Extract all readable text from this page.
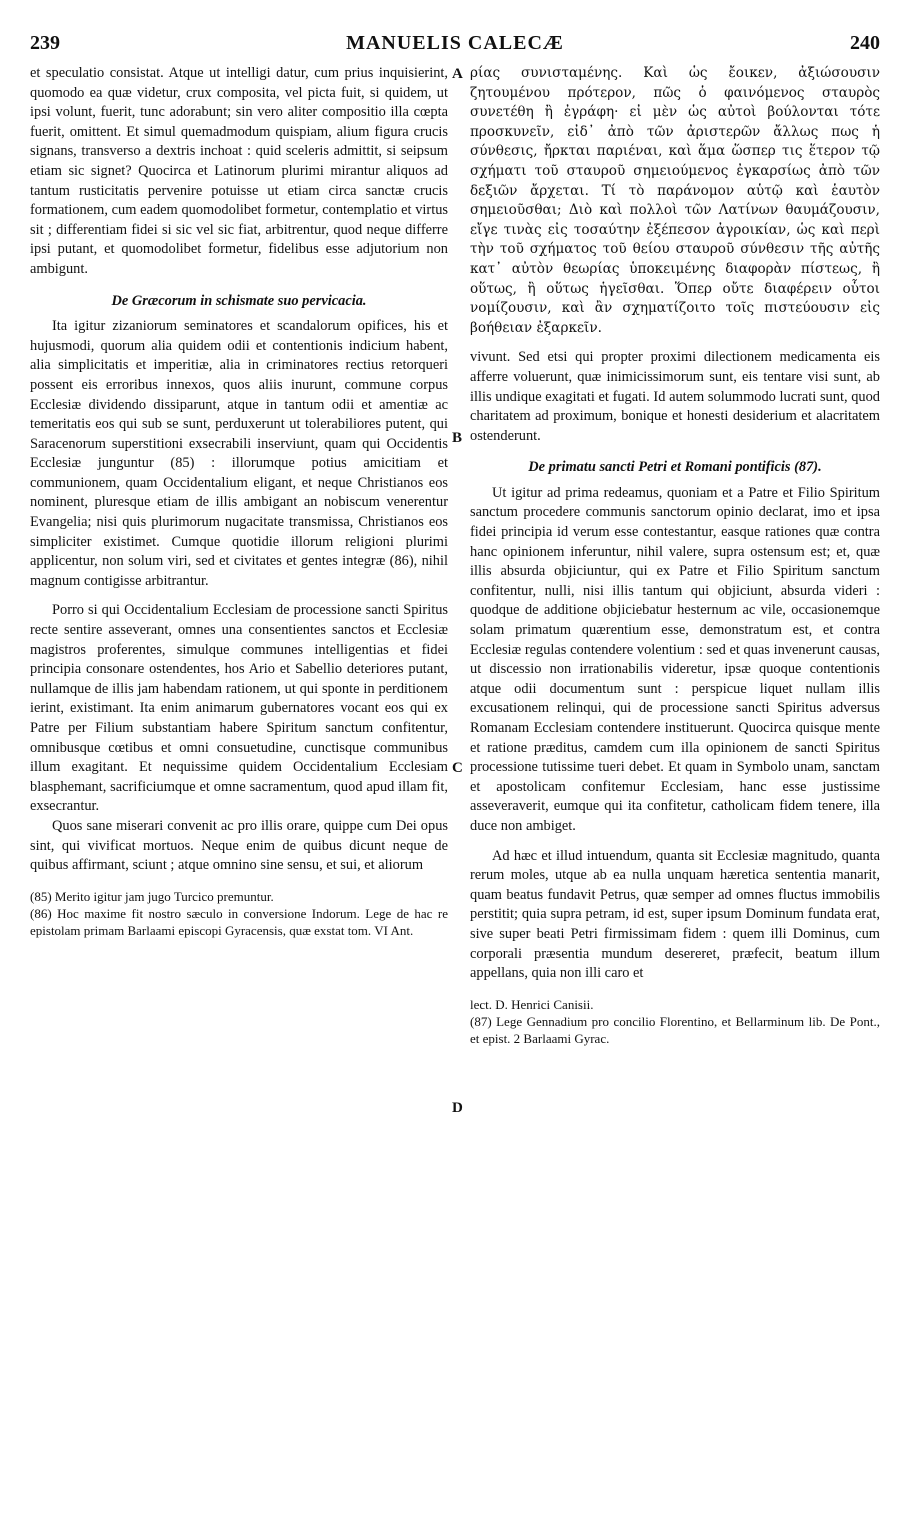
239	MANUELIS CALECÆ	240
A
B
C
D

et speculatio consistat. Atque ut intelligi datur, cum prius inquisierint, quomodo ea quæ videtur, crux composita, vel picta fuit, si quidem, ut ipsi volunt, fuerit, tunc adorabunt; sin vero aliter compositio illa cœpta fuerit, omittent. Et simul quemadmodum quispiam, alium figura crucis signans, transverso a dextris inchoat : quid sceleris admittit, si seipsum etiam sic signet? Quocirca et Latinorum plurimi mirantur aliquos ad tantum rusticitatis pervenire potuisse ut etiam circa sanctæ crucis formationem, cum eadem quomodolibet formetur, contemplatio et virtus sit ; differentiam fidei si sic vel sic fiat, arbitrentur, quod neque differre ipsi putant, et quomodolibet formetur, fidelibus esse adjutorium non ambigunt.

De Græcorum in schismate suo pervicacia.

Ita igitur zizaniorum seminatores et scandalorum opifices, his et hujusmodi, quorum alia quidem odii et contentionis indicium habent, alia simplicitatis et imperitiæ, alia in criminatores rectius retorqueri possent eis erroribus innexos, quos aliis inurunt, commune corpus Ecclesiæ dividendo dissiparunt, atque in tantum odii et amentiæ ac temeritatis eos qui sub se sunt, perduxerunt ut tolerabiliores putent, qui Saracenorum superstitioni exsecrabili inserviunt, quam qui Occidentis Ecclesiæ junguntur (85) : illorumque potius amicitiam et communionem, quam Occidentalium eligant, et neque Christianos eos nominent, pluresque etiam de illis ambigant an nobiscum venerentur Evangelia; nisi quis plurimorum nugacitate transmissa, Christianos eos simpliciter existimet. Cumque quotidie illorum religioni plurimi applicentur, non solum viri, sed et civitates et gentes integræ (86), nihil magnum contigisse arbitrantur.

Porro si qui Occidentalium Ecclesiam de processione sancti Spiritus recte sentire asseverant, omnes una consentientes sanctos et Ecclesiæ magistros proferentes, simulque communes intelligentias et fidei principia consonare ostendentes, hos Ario et Sabellio deteriores putant, nullamque de illis jam habendam rationem, ut qui sponte in perditionem ierint, existimant. Ita enim animarum gubernatores vocant eos qui ex Patre per Filium substantiam habere Spiritum sanctum confitentur, omnibusque cœtibus et omni consuetudine, cunctisque communibus illum exagitant. Et nequissime quidem Occidentalium Ecclesiam blasphemant, sacrificiumque et omne sacramentum, quod apud illam fit, exsecrantur.

Quos sane miserari convenit ac pro illis orare, quippe cum Dei opus sint, qui vivificat mortuos. Neque enim de quibus dicunt neque de quibus affirmant, sciunt ; atque omnino sine sensu, et sui, et aliorum

(85) Merito igitur jam jugo Turcico premuntur.

(86) Hoc maxime fit nostro sæculo in conversione Indorum. Lege de hac re epistolam primam Barlaami episcopi Gyracensis, quæ exstat tom. VI Ant.

ρίας συνισταμένης. Καὶ ὡς ἔοικεν, ἀξιώσουσιν ζητουμένου πρότερον, πῶς ὁ φαινόμενος σταυρὸς συνετέθη ἢ ἐγράφη· εἰ μὲν ὡς αὐτοὶ βούλονται τότε προσκυνεῖν, εἰδ᾽ ἀπὸ τῶν ἀριστερῶν ἄλλως πως ἡ σύνθεσις, ἤρκται παριέναι, καὶ ἅμα ὥσπερ τις ἕτερον τῷ σχήματι τοῦ σταυροῦ σημειούμενος ἐγκαρσίως ἀπὸ τῶν δεξιῶν ἄρχεται. Τί τὸ παράνομον αὑτῷ καὶ ἑαυτὸν σημειοῦσθαι; Διὸ καὶ πολλοὶ τῶν Λατίνων θαυμάζουσιν, εἴγε τινὰς εἰς τοσαύτην ἐξέπεσον ἀγροικίαν, ὡς καὶ περὶ τὴν τοῦ σχήματος τοῦ θείου σταυροῦ σύνθεσιν τῆς αὐτῆς κατ᾽ αὐτὸν θεωρίας ὑποκειμένης διαφορὰν πίστεως, ἢ οὕτως, ἢ οὕτως ἡγεῖσθαι. Ὅπερ οὔτε διαφέρειν οὗτοι νομίζουσιν, καὶ ἂν σχηματίζοιτο τοῖς πιστεύουσιν εἰς βοήθειαν ἐξαρκεῖν.

vivunt. Sed etsi qui propter proximi dilectionem medicamenta eis afferre voluerunt, quæ inimicissimorum sunt, eis tentare visi sunt, ab illis undique exagitati et fugati. Id autem solummodo lucrati sunt, quod charitatem ad proximum, bonique et honesti desiderium et alacritatem ostenderunt.

De primatu sancti Petri et Romani pontificis (87).

Ut igitur ad prima redeamus, quoniam et a Patre et Filio Spiritum sanctum procedere communis sanctorum opinio declarat, imo et ipsa fidei principia id verum esse contestantur, easque rationes quæ contra hanc opinionem inferuntur, nihil valere, supra ostensum est; et, quæ illis absurda objiciuntur, qui ex Patre et Filio Spiritum sanctum confitentur, nulli, nisi illis tantum qui objiciunt, absurda videri : quodque de additione objiciebatur hesternum ac vile, occasionemque solam primatum quærentium esse, demonstratum est, et contra Ecclesiæ regulas contendere volentium : sed et quas invenerunt causas, ut discessio non irrationabilis videretur, ipsæ quoque contentionis atque odii documentum sunt : perspicue liquet nullam illis excusationem relinqui, qui de processione sancti Spiritus adversus Romanam Ecclesiam contendere instituerunt. Quocirca quisque mente et ratione præditus, camdem cum illa opinionem de sancti Spiritus processione tutissime tueri debet. Et quam in Symbolo unam, sanctam et apostolicam confitemur Ecclesiam, hanc esse justissime asseveraverit, eumque qui ita confitetur, catholicam fidem tenere, illa duce non ambiget.

Ad hæc et illud intuendum, quanta sit Ecclesiæ magnitudo, quanta rerum moles, utque ab ea nulla unquam hæretica sententia manarit, quam beatus fundavit Petrus, quæ semper ad omnes fluctus immobilis perstitit; quia supra petram, id est, super ipsum Dominum fundata erat, sive super beati Petri firmissimam fidem : quem illi Dominus, cum corporali præsentia mundum desereret, præfecit, beatum illum appellans, quia non illi caro et

lect. D. Henrici Canisii.

(87) Lege Gennadium pro concilio Florentino, et Bellarminum lib. De Pont., et epist. 2 Barlaami Gyrac.
